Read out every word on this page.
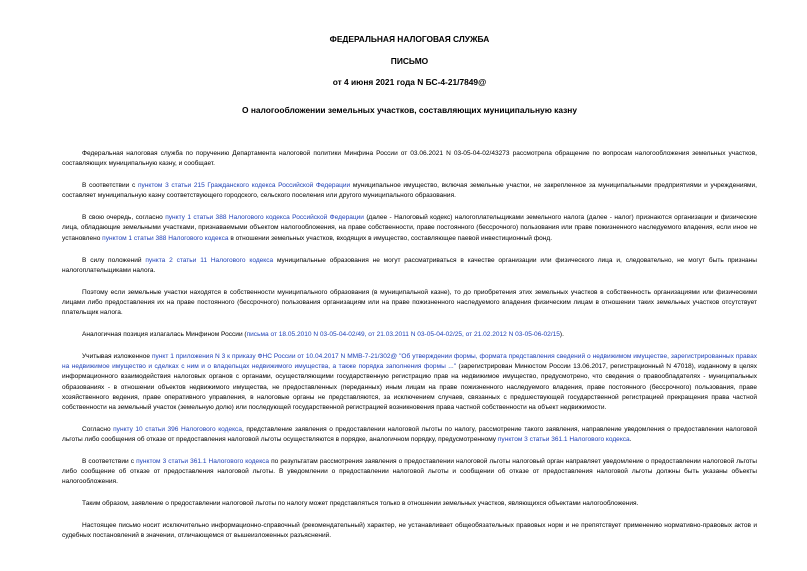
ФЕДЕРАЛЬНАЯ НАЛОГОВАЯ СЛУЖБА
ПИСЬМО
от 4 июня 2021 года N БС-4-21/7849@
О налогообложении земельных участков, составляющих муниципальную казну

Федеральная налоговая служба по поручению Департамента налоговой политики Минфина России от 03.06.2021 N 03-05-04-02/43273 рассмотрела обращение по вопросам налогообложения земельных участков, составляющих муниципальную казну, и сообщает.

В соответствии с пунктом 3 статьи 215 Гражданского кодекса Российской Федерации муниципальное имущество, включая земельные участки, не закрепленное за муниципальными предприятиями и учреждениями, составляет муниципальную казну соответствующего городского, сельского поселения или другого муниципального образования.

В свою очередь, согласно пункту 1 статьи 388 Налогового кодекса Российской Федерации (далее - Налоговый кодекс) налогоплательщиками земельного налога (далее - налог) признаются организации и физические лица, обладающие земельными участками, признаваемыми объектом налогообложения, на праве собственности, праве постоянного (бессрочного) пользования или праве пожизненного наследуемого владения, если иное не установлено пунктом 1 статьи 388 Налогового кодекса в отношении земельных участков, входящих в имущество, составляющее паевой инвестиционный фонд.

В силу положений пункта 2 статьи 11 Налогового кодекса муниципальные образования не могут рассматриваться в качестве организации или физического лица и, следовательно, не могут быть признаны налогоплательщиками налога.

Поэтому если земельные участки находятся в собственности муниципального образования (в муниципальной казне), то до приобретения этих земельных участков в собственность организациями или физическими лицами либо предоставления их на праве постоянного (бессрочного) пользования организациям или на праве пожизненного наследуемого владения физическим лицам в отношении таких земельных участков отсутствует плательщик налога.

Аналогичная позиция излагалась Минфином России (письма от 18.05.2010 N 03-05-04-02/49, от 21.03.2011 N 03-05-04-02/25, от 21.02.2012 N 03-05-06-02/15).

Учитывая изложенное пункт 1 приложения N 3 к приказу ФНС России от 10.04.2017 N ММВ-7-21/302@ "Об утверждении формы, формата представления сведений о недвижимом имуществе, зарегистрированных правах на недвижимое имущество и сделках с ним и о владельцах недвижимого имущества, а также порядка заполнения формы ..." (зарегистрирован Минюстом России 13.06.2017, регистрационный N 47018), изданному в целях информационного взаимодействия налоговых органов с органами, осуществляющими государственную регистрацию прав на недвижимое имущество, предусмотрено, что сведения о правообладателях - муниципальных образованиях - в отношении объектов недвижимого имущества, не предоставленных (переданных) иным лицам на праве пожизненного наследуемого владения, праве постоянного (бессрочного) пользования, праве хозяйственного ведения, праве оперативного управления, в налоговые органы не представляются, за исключением случаев, связанных с предшествующей государственной регистрацией прекращения права частной собственности на земельный участок (земельную долю) или последующей государственной регистрацией возникновения права частной собственности на объект недвижимости.

Согласно пункту 10 статьи 396 Налогового кодекса, представление заявления о предоставлении налоговой льготы по налогу, рассмотрение такого заявления, направление уведомления о предоставлении налоговой льготы либо сообщения об отказе от предоставления налоговой льготы осуществляются в порядке, аналогичном порядку, предусмотренному пунктом 3 статьи 361.1 Налогового кодекса.

В соответствии с пунктом 3 статьи 361.1 Налогового кодекса по результатам рассмотрения заявления о предоставлении налоговой льготы налоговый орган направляет уведомление о предоставлении налоговой льготы либо сообщение об отказе от предоставления налоговой льготы. В уведомлении о предоставлении налоговой льготы и сообщении об отказе от предоставления налоговой льготы должны быть указаны объекты налогообложения.

Таким образом, заявление о предоставлении налоговой льготы по налогу может представляться только в отношении земельных участков, являющихся объектами налогообложения.

Настоящее письмо носит исключительно информационно-справочный (рекомендательный) характер, не устанавливает общеобязательных правовых норм и не препятствует применению нормативно-правовых актов и судебных постановлений в значении, отличающемся от вышеизложенных разъяснений.
